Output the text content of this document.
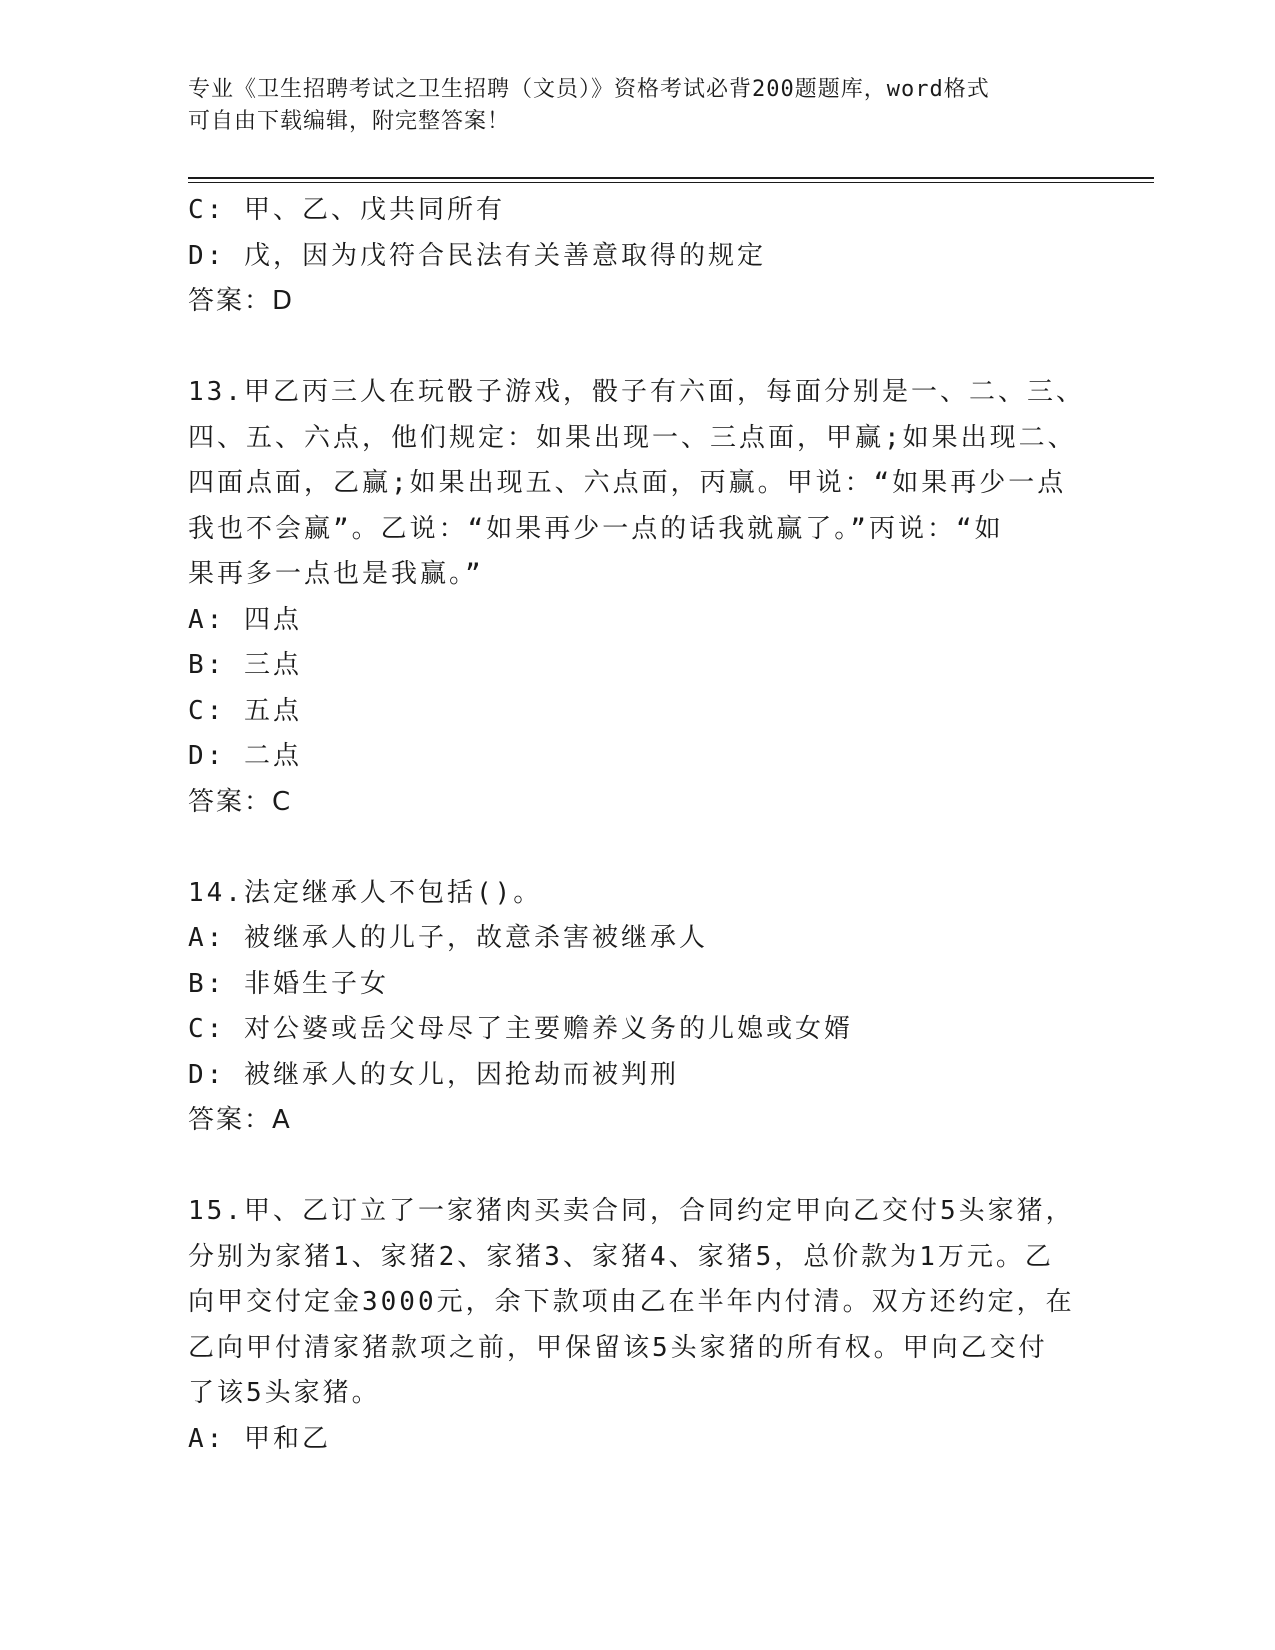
专业《卫生招聘考试之卫生招聘（文员）》资格考试必背200题题库，word格式
可自由下载编辑，附完整答案！
C: 甲、乙、戊共同所有
D: 戊，因为戊符合民法有关善意取得的规定
答案：D
13.甲乙丙三人在玩骰子游戏，骰子有六面，每面分别是一、二、三、
四、五、六点，他们规定：如果出现一、三点面，甲赢;如果出现二、
四面点面，乙赢;如果出现五、六点面，丙赢。甲说：“如果再少一点
我也不会赢”。乙说：“如果再少一点的话我就赢了。”丙说：“如
果再多一点也是我赢。”
A: 四点
B: 三点
C: 五点
D: 二点
答案：C
14.法定继承人不包括()。
A: 被继承人的儿子，故意杀害被继承人
B: 非婚生子女
C: 对公婆或岳父母尽了主要赡养义务的儿媳或女婿
D: 被继承人的女儿，因抢劫而被判刑
答案：A
15.甲、乙订立了一家猪肉买卖合同，合同约定甲向乙交付5头家猪，
分别为家猪1、家猪2、家猪3、家猪4、家猪5，总价款为1万元。乙
向甲交付定金3000元，余下款项由乙在半年内付清。双方还约定，在
乙向甲付清家猪款项之前，甲保留该5头家猪的所有权。甲向乙交付
了该5头家猪。
A: 甲和乙
